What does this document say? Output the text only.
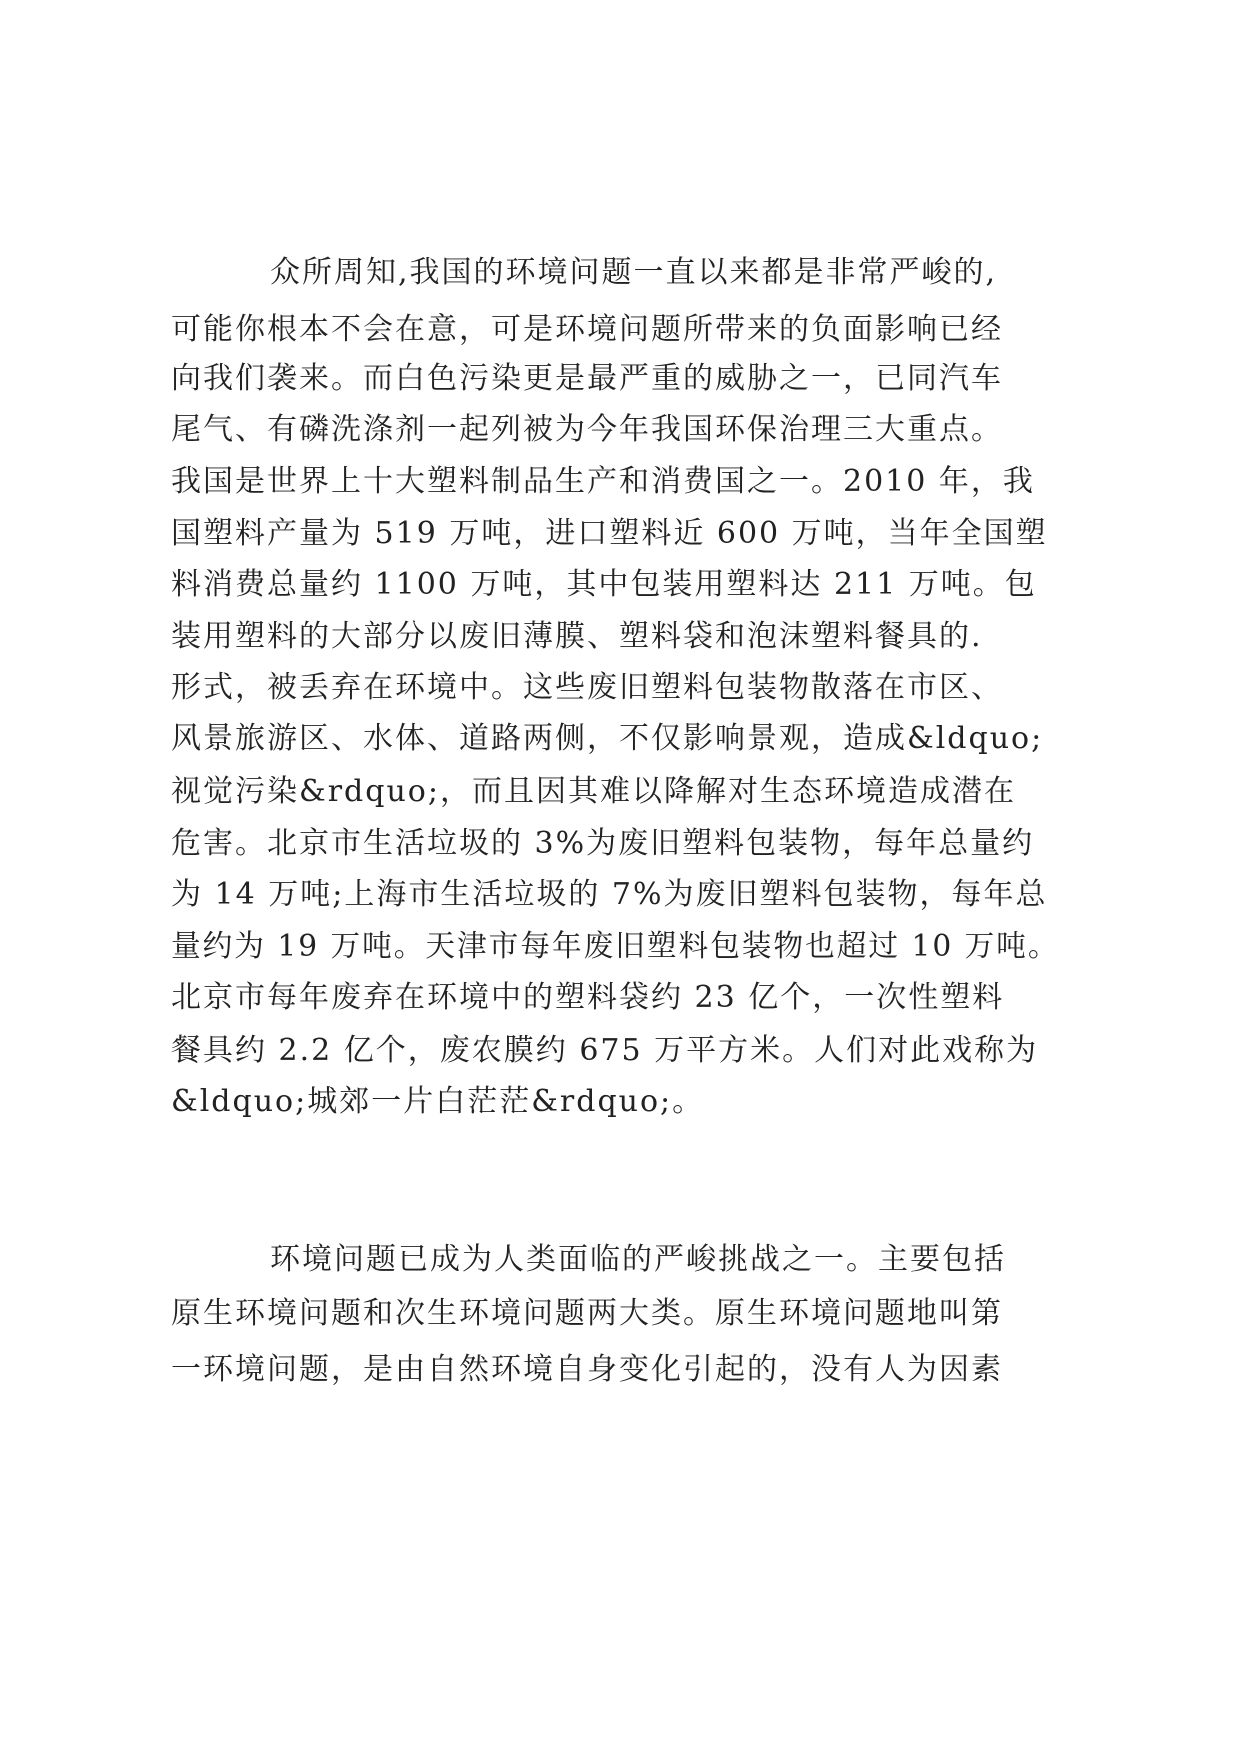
众所周知,我国的环境问题一直以来都是非常严峻的,
可能你根本不会在意，可是环境问题所带来的负面影响已经
向我们袭来。而白色污染更是最严重的威胁之一，已同汽车
尾气、有磷洗涤剂一起列被为今年我国环保治理三大重点。
我国是世界上十大塑料制品生产和消费国之一。2010 年，我
国塑料产量为 519 万吨，进口塑料近 600 万吨，当年全国塑
料消费总量约 1100 万吨，其中包装用塑料达 211 万吨。包
装用塑料的大部分以废旧薄膜、塑料袋和泡沫塑料餐具的.
形式，被丢弃在环境中。这些废旧塑料包装物散落在市区、
风景旅游区、水体、道路两侧，不仅影响景观，造成&ldquo;
视觉污染&rdquo;，而且因其难以降解对生态环境造成潜在
危害。北京市生活垃圾的 3%为废旧塑料包装物，每年总量约
为 14 万吨;上海市生活垃圾的 7%为废旧塑料包装物，每年总
量约为 19 万吨。天津市每年废旧塑料包装物也超过 10 万吨。
北京市每年废弃在环境中的塑料袋约 23 亿个，一次性塑料
餐具约 2.2 亿个，废农膜约 675 万平方米。人们对此戏称为
&ldquo;城郊一片白茫茫&rdquo;。
环境问题已成为人类面临的严峻挑战之一。主要包括
原生环境问题和次生环境问题两大类。原生环境问题地叫第
一环境问题，是由自然环境自身变化引起的，没有人为因素
